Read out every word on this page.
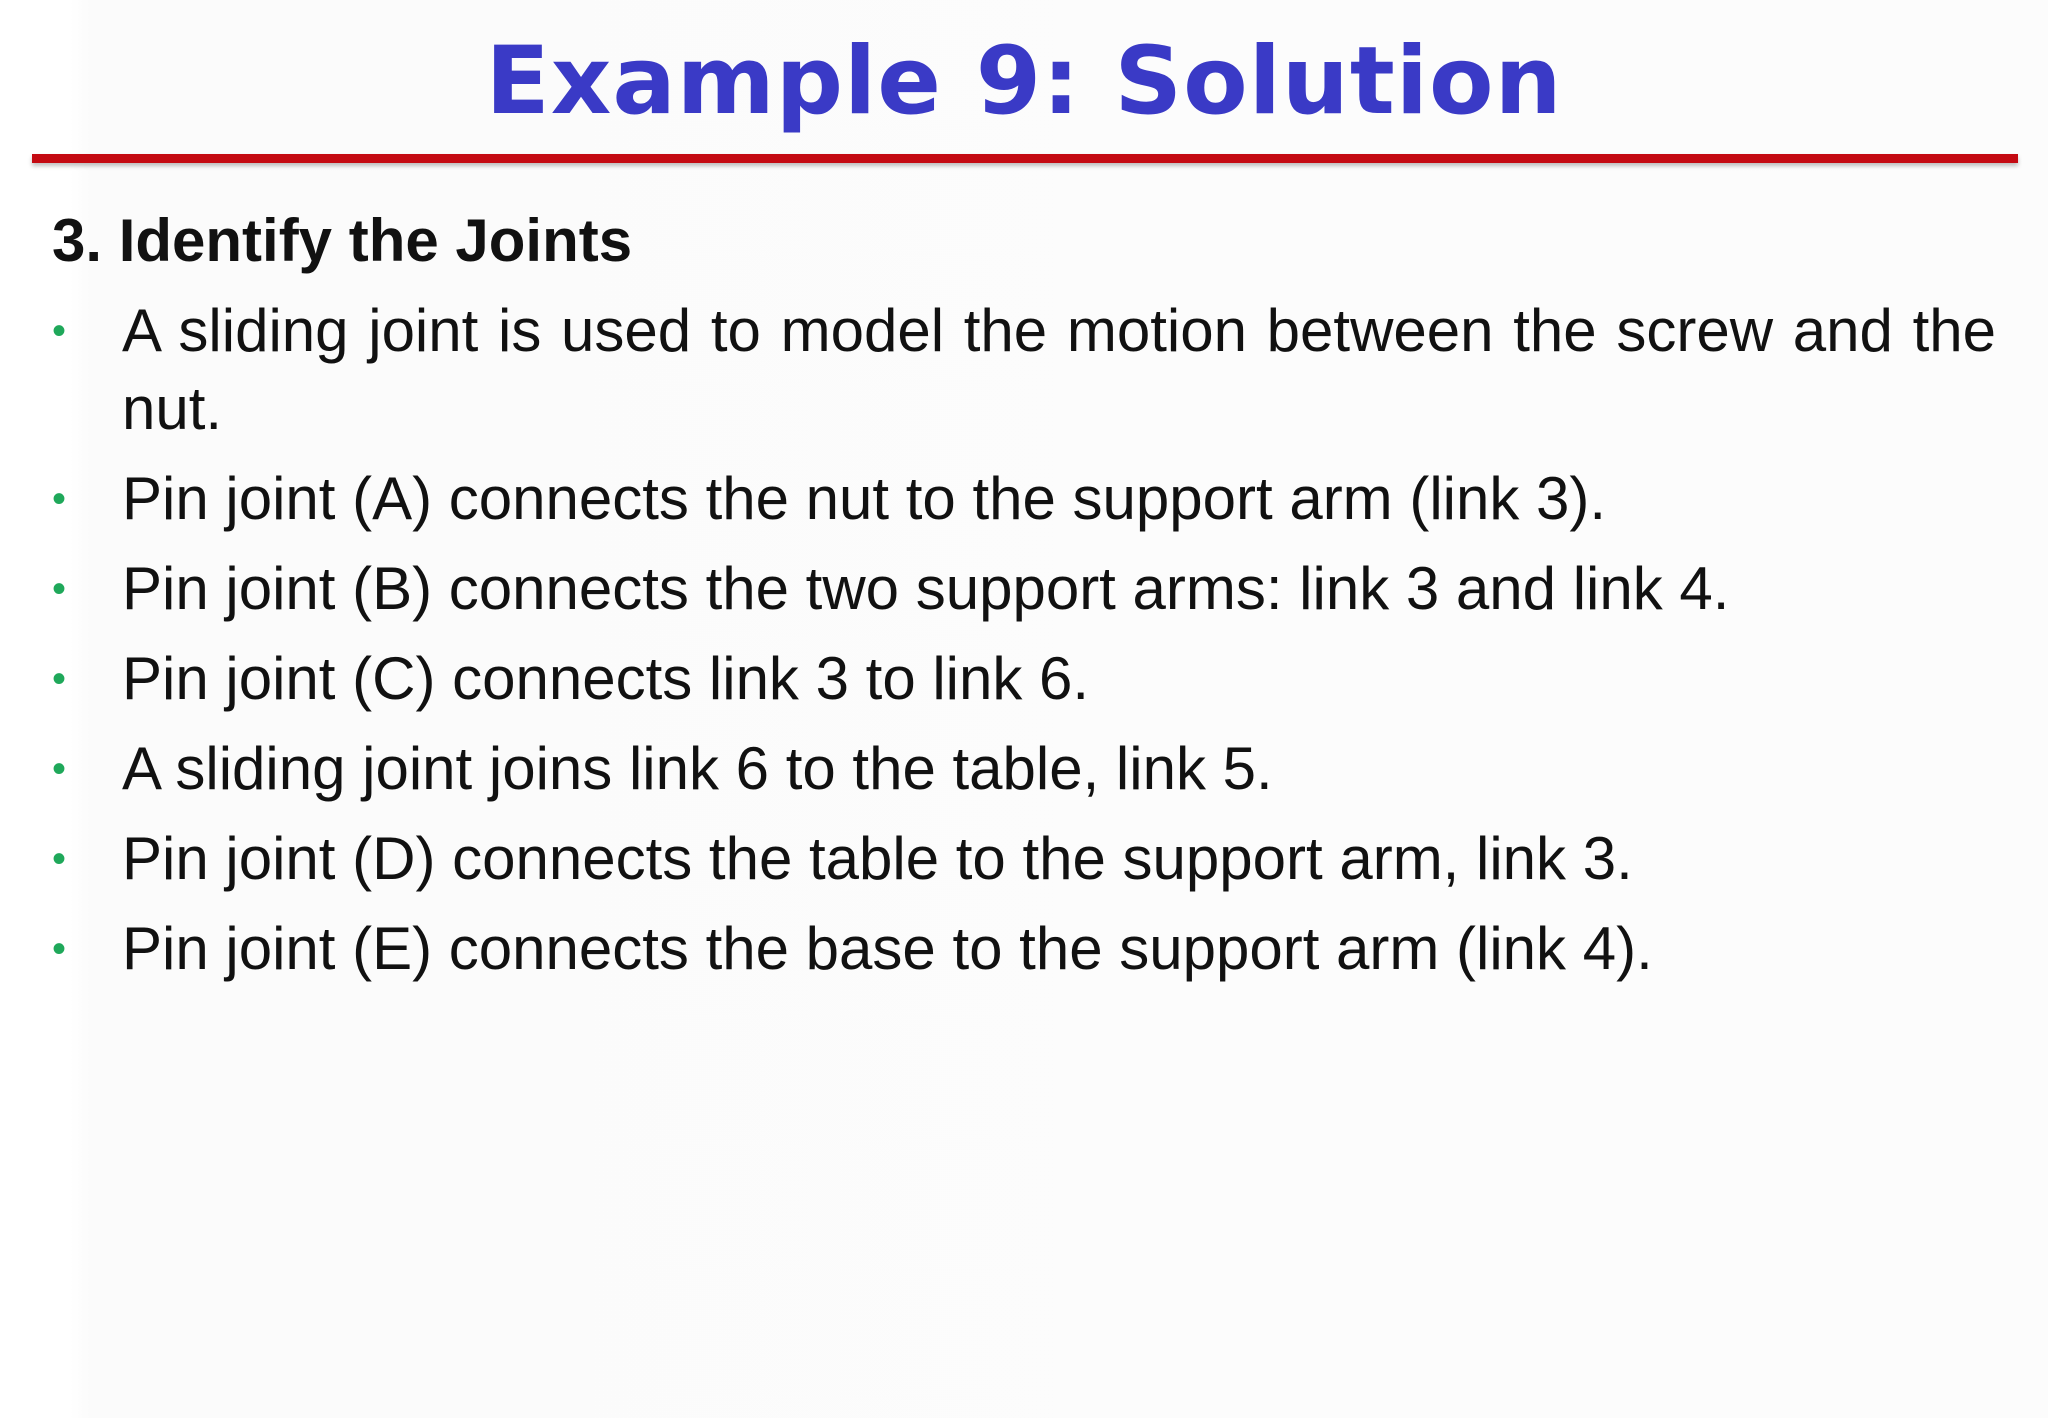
Example 9: Solution
3. Identify the Joints
• A sliding joint is used to model the motion between the screw and the nut.
• Pin joint (A) connects the nut to the support arm (link 3).
• Pin joint (B) connects the two support arms: link 3 and link 4.
• Pin joint (C) connects link 3 to link 6.
• A sliding joint joins link 6 to the table, link 5.
• Pin joint (D) connects the table to the support arm, link 3.
• Pin joint (E) connects the base to the support arm (link 4).
